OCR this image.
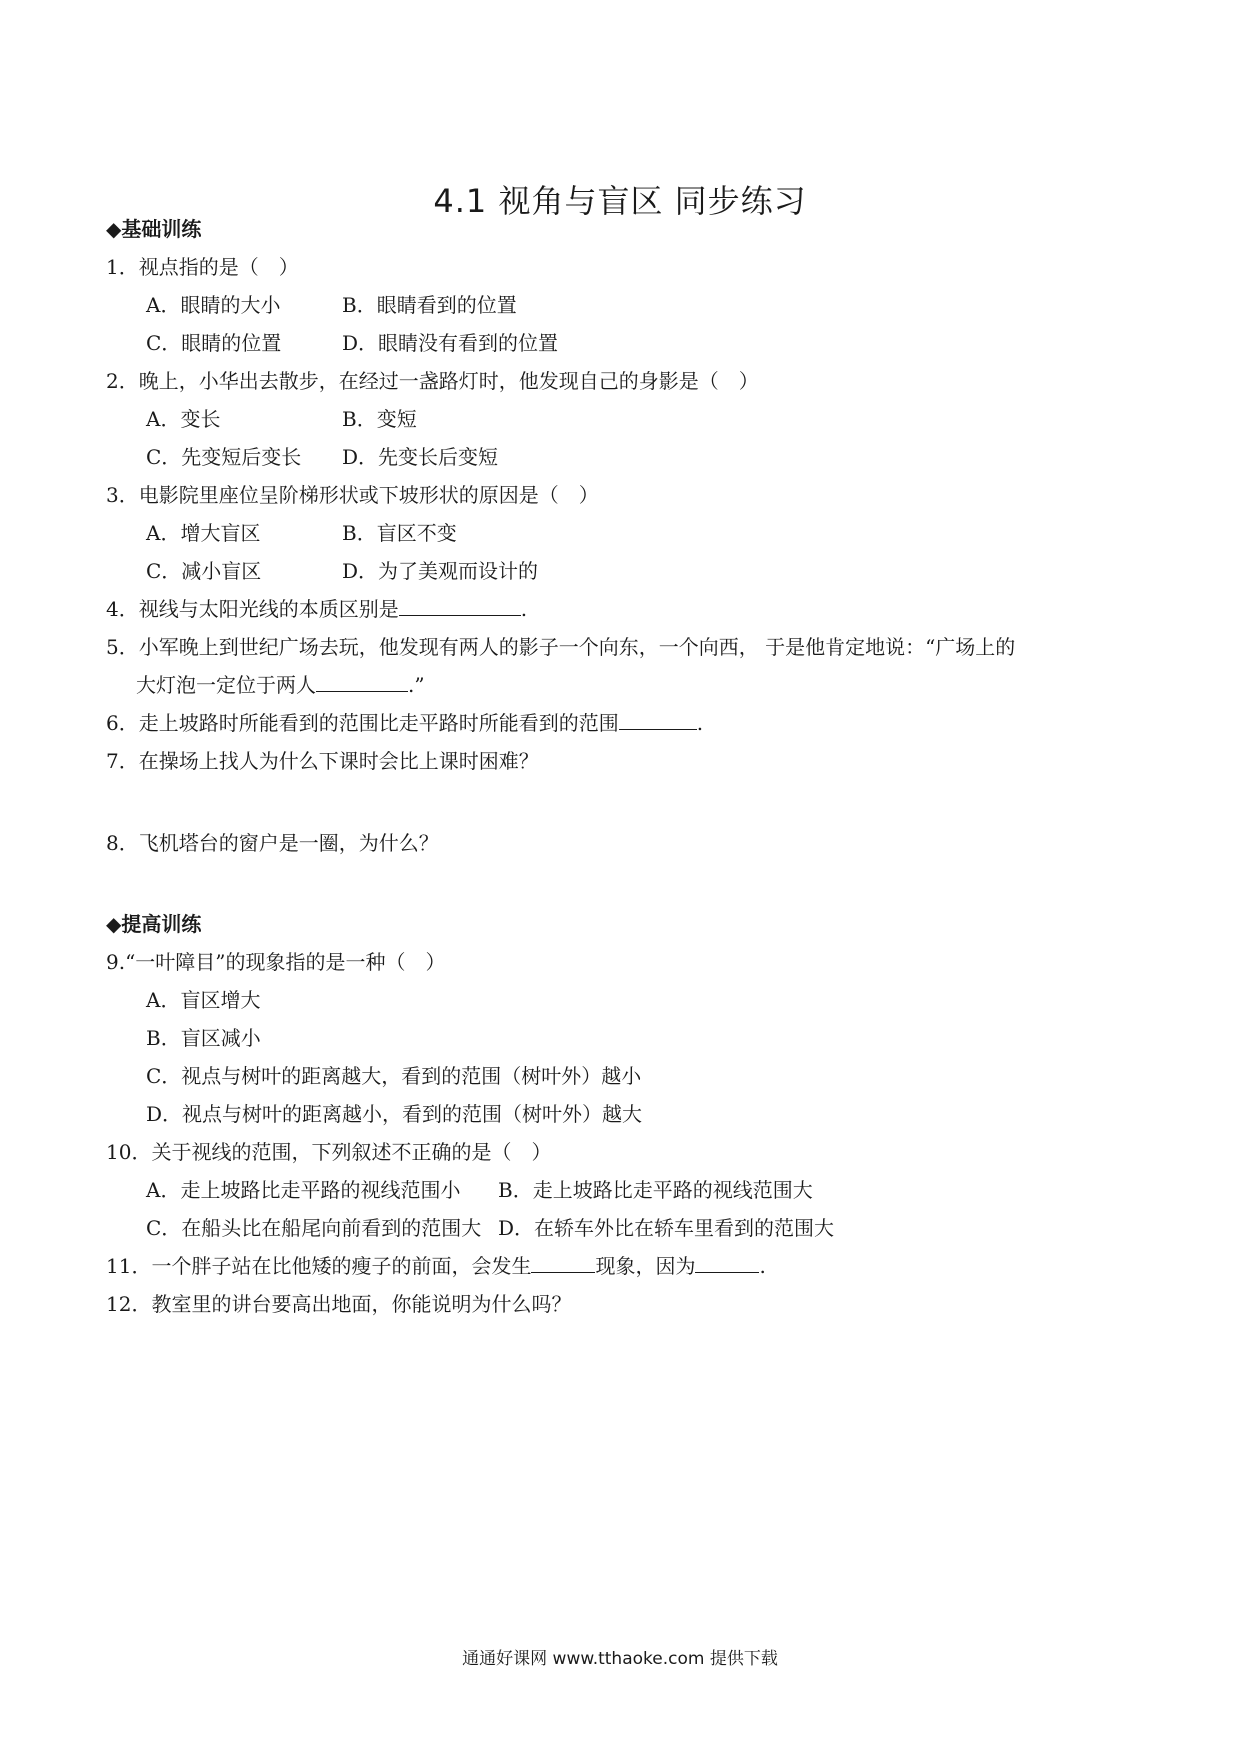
4.1 视角与盲区 同步练习
◆基础训练
1．视点指的是（　）
A．眼睛的大小	B．眼睛看到的位置
C．眼睛的位置	D．眼睛没有看到的位置
2．晚上，小华出去散步，在经过一盏路灯时，他发现自己的身影是（　）
A．变长	B．变短
C．先变短后变长 D．先变长后变短
3．电影院里座位呈阶梯形状或下坡形状的原因是（　）
A．增大盲区	B．盲区不变
C．减小盲区	D．为了美观而设计的
4．视线与太阳光线的本质区别是	.
5．小军晚上到世纪广场去玩，他发现有两人的影子一个向东，一个向西， 于是他肯定地说：“广场上的
大灯泡一定位于两人	.”
6．走上坡路时所能看到的范围比走平路时所能看到的范围	.
7．在操场上找人为什么下课时会比上课时困难？
8．飞机塔台的窗户是一圈，为什么？
◆提高训练
9.“一叶障目”的现象指的是一种（　）
A．盲区增大
B．盲区减小
C．视点与树叶的距离越大，看到的范围（树叶外）越小
D．视点与树叶的距离越小，看到的范围（树叶外）越大
10．关于视线的范围，下列叙述不正确的是（　）
A．走上坡路比走平路的视线范围小 B．走上坡路比走平路的视线范围大
C．在船头比在船尾向前看到的范围大 D．在轿车外比在轿车里看到的范围大
11．一个胖子站在比他矮的瘦子的前面，会发生	现象，因为	.
12．教室里的讲台要高出地面，你能说明为什么吗？
通通好课网 www.tthaoke.com 提供下载
